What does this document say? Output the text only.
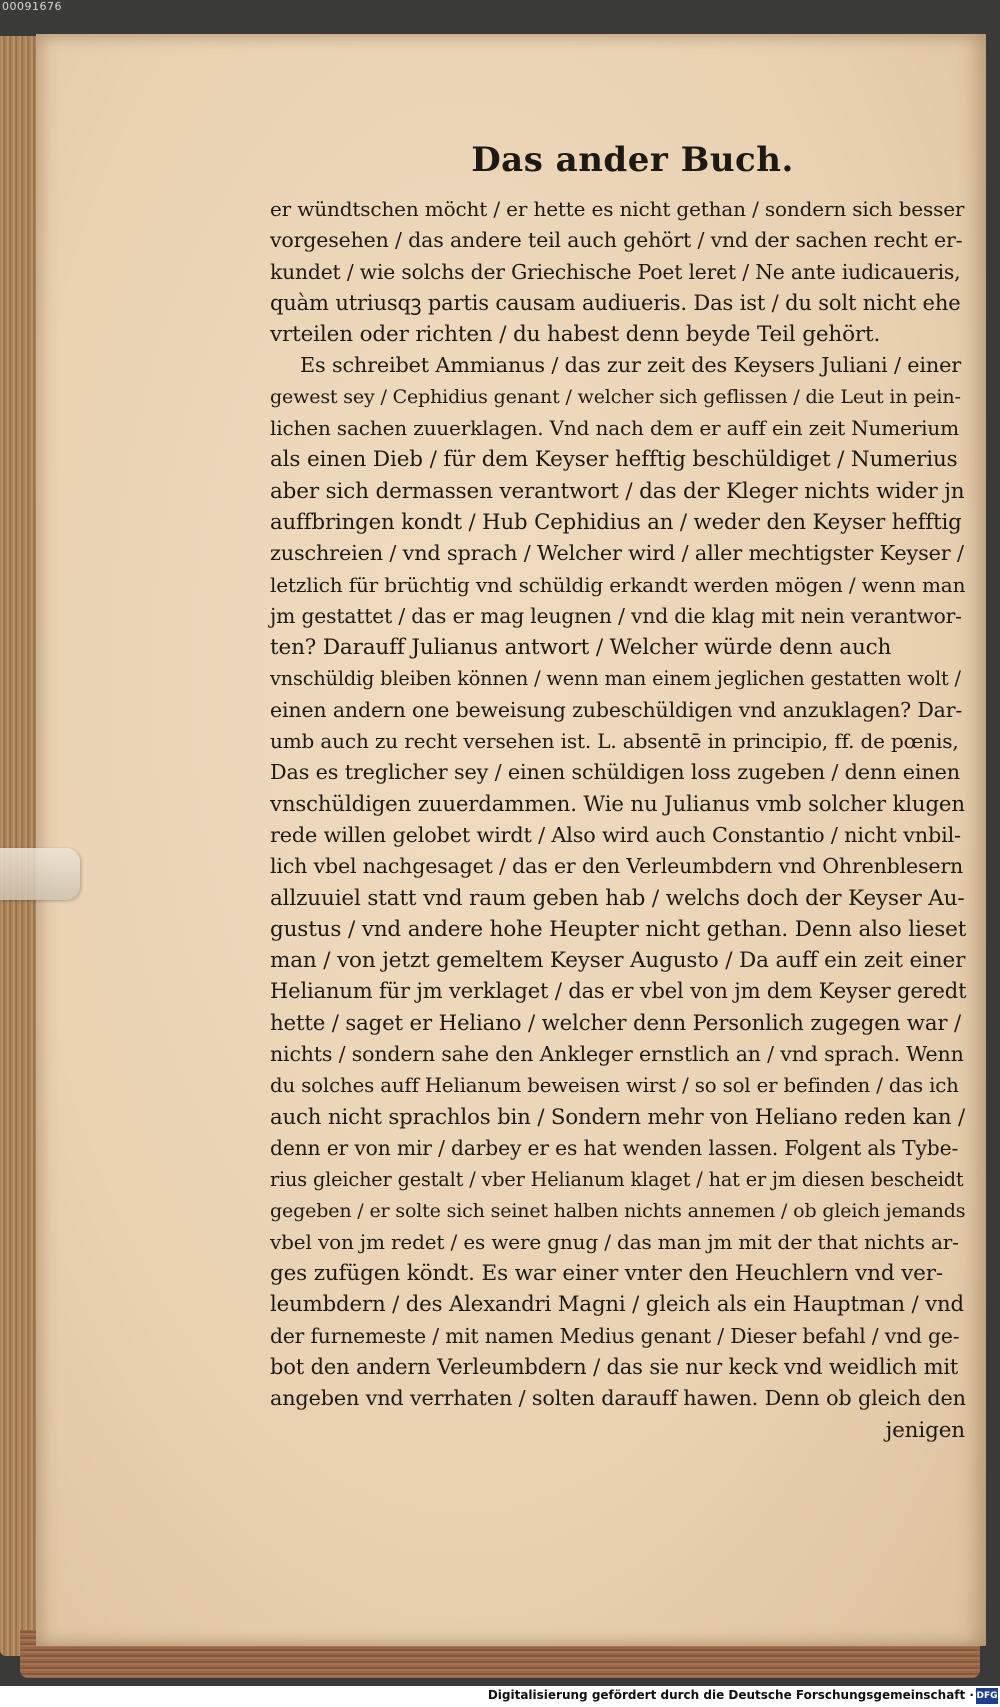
00091676
Das ander Buch.
er wündtschen möcht / er hette es nicht gethan / sondern sich besser
vorgesehen / das andere teil auch gehört / vnd der sachen recht er-
kundet / wie solchs der Griechische Poet leret / Ne ante iudicaueris,
quàm utriusqꝫ partis causam audiueris. Das ist / du solt nicht ehe
vrteilen oder richten / du habest denn beyde Teil gehört.
Es schreibet Ammianus / das zur zeit des Keysers Juliani / einer
gewest sey / Cephidius genant / welcher sich geflissen / die Leut in pein-
lichen sachen zuuerklagen. Vnd nach dem er auff ein zeit Numerium
als einen Dieb / für dem Keyser hefftig beschüldiget / Numerius
aber sich dermassen verantwort / das der Kleger nichts wider jn
auffbringen kondt / Hub Cephidius an / weder den Keyser hefftig
zuschreien / vnd sprach / Welcher wird / aller mechtigster Keyser /
letzlich für brüchtig vnd schüldig erkandt werden mögen / wenn man
jm gestattet / das er mag leugnen / vnd die klag mit nein verantwor-
ten? Darauff Julianus antwort / Welcher würde denn auch
vnschüldig bleiben können / wenn man einem jeglichen gestatten wolt /
einen andern one beweisung zubeschüldigen vnd anzuklagen? Dar-
umb auch zu recht versehen ist. L. absentē in principio, ff. de pœnis,
Das es treglicher sey / einen schüldigen loss zugeben / denn einen
vnschüldigen zuuerdammen. Wie nu Julianus vmb solcher klugen
rede willen gelobet wirdt / Also wird auch Constantio / nicht vnbil-
lich vbel nachgesaget / das er den Verleumbdern vnd Ohrenblesern
allzuuiel statt vnd raum geben hab / welchs doch der Keyser Au-
gustus / vnd andere hohe Heupter nicht gethan. Denn also lieset
man / von jetzt gemeltem Keyser Augusto / Da auff ein zeit einer
Helianum für jm verklaget / das er vbel von jm dem Keyser geredt
hette / saget er Heliano / welcher denn Personlich zugegen war /
nichts / sondern sahe den Ankleger ernstlich an / vnd sprach. Wenn
du solches auff Helianum beweisen wirst / so sol er befinden / das ich
auch nicht sprachlos bin / Sondern mehr von Heliano reden kan /
denn er von mir / darbey er es hat wenden lassen. Folgent als Tybe-
rius gleicher gestalt / vber Helianum klaget / hat er jm diesen bescheidt
gegeben / er solte sich seinet halben nichts annemen / ob gleich jemands
vbel von jm redet / es were gnug / das man jm mit der that nichts ar-
ges zufügen köndt. Es war einer vnter den Heuchlern vnd ver-
leumbdern / des Alexandri Magni / gleich als ein Hauptman / vnd
der furnemeste / mit namen Medius genant / Dieser befahl / vnd ge-
bot den andern Verleumbdern / das sie nur keck vnd weidlich mit
angeben vnd verrhaten / solten darauff hawen. Denn ob gleich den
jenigen
Digitalisierung gefördert durch die Deutsche Forschungsgemeinschaft · DFG
